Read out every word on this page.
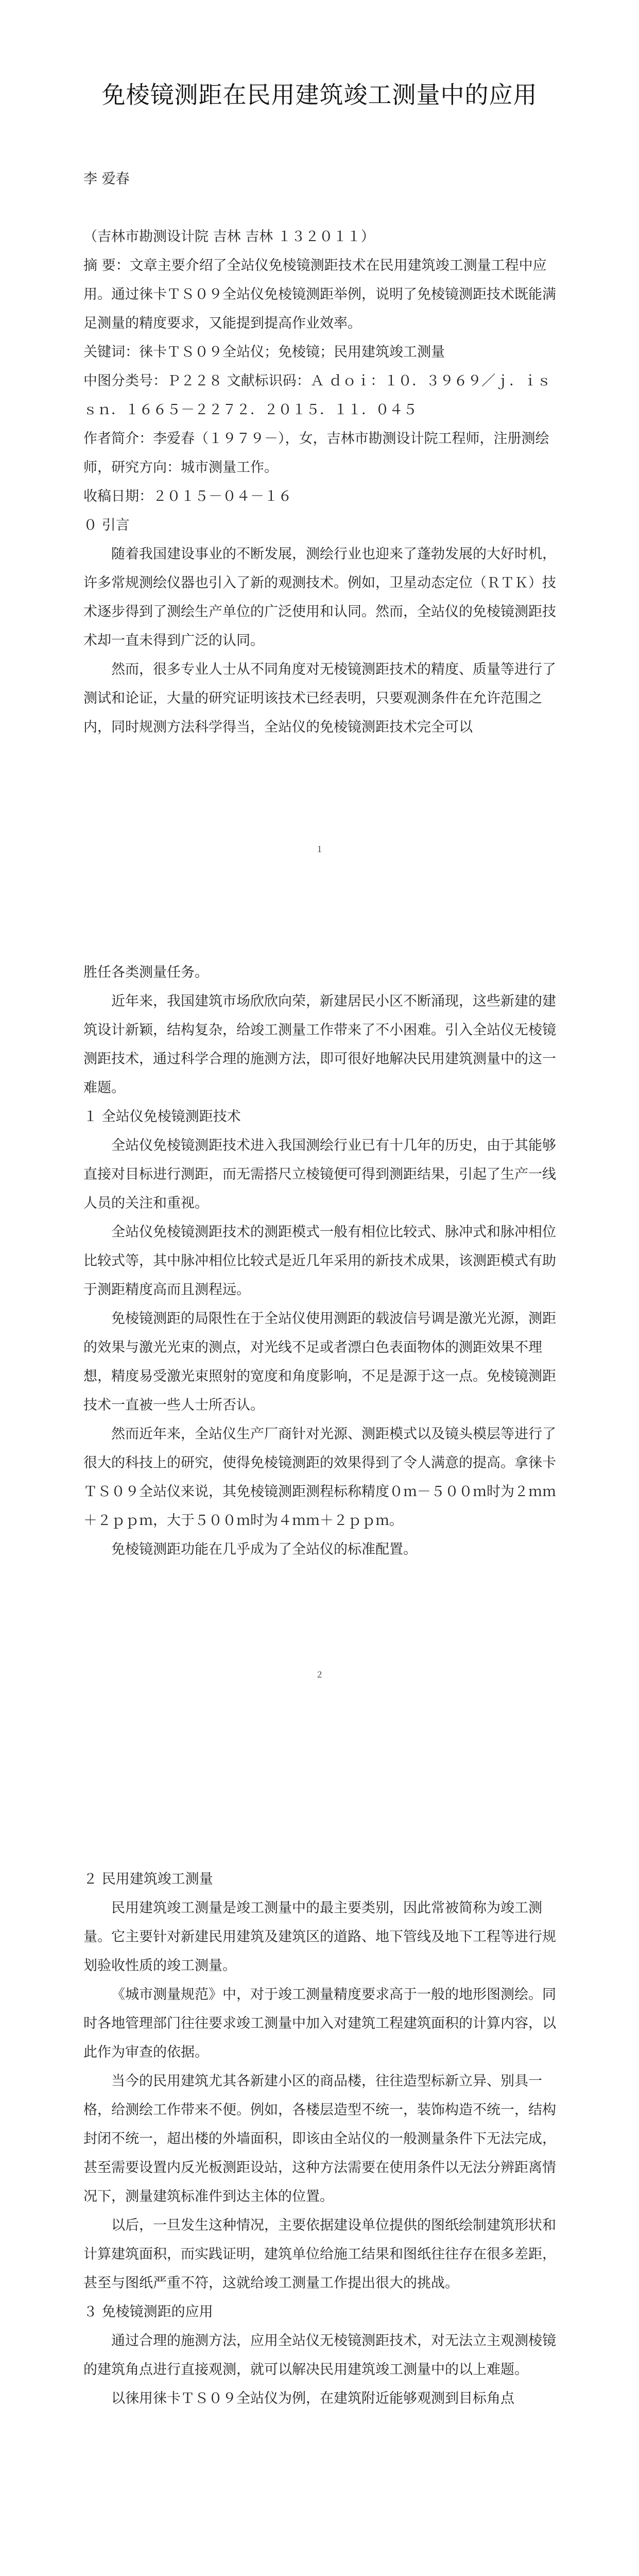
免棱镜测距在民用建筑竣工测量中的应用

李 爱春

（吉林市勘测设计院 吉林 吉林 １３２０１１）

摘 要：文章主要介绍了全站仪免棱镜测距技术在民用建筑竣工测量工程中应用。通过徕卡ＴＳ０９全站仪免棱镜测距举例，说明了免棱镜测距技术既能满足测量的精度要求，又能提到提高作业效率。

关键词：徕卡ＴＳ０９全站仪；免棱镜；民用建筑竣工测量

中图分类号：Ｐ２２８ 文献标识码：Ａ ｄｏｉ：１０．３９６９／ｊ．ｉｓｓｎ．１６６５－２２７２．２０１５．１１．０４５

作者简介：李爱春（１９７９－），女，吉林市勘测设计院工程师，注册测绘师，研究方向：城市测量工作。

收稿日期：２０１５－０４－１６

０ 引言

随着我国建设事业的不断发展，测绘行业也迎来了蓬勃发展的大好时机，许多常规测绘仪器也引入了新的观测技术。例如，卫星动态定位（ＲＴＫ）技术逐步得到了测绘生产单位的广泛使用和认同。然而，全站仪的免棱镜测距技术却一直未得到广泛的认同。

然而，很多专业人士从不同角度对无棱镜测距技术的精度、质量等进行了测试和论证，大量的研究证明该技术已经表明，只要观测条件在允许范围之内，同时规测方法科学得当，全站仪的免棱镜测距技术完全可以

１

胜任各类测量任务。

近年来，我国建筑市场欣欣向荣，新建居民小区不断涌现，这些新建的建筑设计新颖，结构复杂，给竣工测量工作带来了不小困难。引入全站仪无棱镜测距技术，通过科学合理的施测方法，即可很好地解决民用建筑测量中的这一难题。

１ 全站仪免棱镜测距技术

全站仪免棱镜测距技术进入我国测绘行业已有十几年的历史，由于其能够直接对目标进行测距，而无需搭尺立棱镜便可得到测距结果，引起了生产一线人员的关注和重视。

全站仪免棱镜测距技术的测距模式一般有相位比较式、脉冲式和脉冲相位比较式等，其中脉冲相位比较式是近几年采用的新技术成果，该测距模式有助于测距精度高而且测程远。

免棱镜测距的局限性在于全站仪使用测距的载波信号调是激光光源，测距的效果与激光光束的测点，对光线不足或者漂白色表面物体的测距效果不理想，精度易受激光束照射的宽度和角度影响，不足是源于这一点。免棱镜测距技术一直被一些人士所否认。

然而近年来，全站仪生产厂商针对光源、测距模式以及镜头模层等进行了很大的科技上的研究，使得免棱镜测距的效果得到了令人满意的提高。拿徕卡ＴＳ０９全站仪来说，其免棱镜测距测程标称精度０ｍ－５００ｍ时为２ｍｍ＋２ｐｐｍ，大于５００ｍ时为４ｍｍ＋２ｐｐｍ。

免棱镜测距功能在几乎成为了全站仪的标准配置。

２

２ 民用建筑竣工测量

民用建筑竣工测量是竣工测量中的最主要类别，因此常被简称为竣工测量。它主要针对新建民用建筑及建筑区的道路、地下管线及地下工程等进行规划验收性质的竣工测量。

《城市测量规范》中，对于竣工测量精度要求高于一般的地形图测绘。同时各地管理部门往往要求竣工测量中加入对建筑工程建筑面积的计算内容，以此作为审查的依据。

当今的民用建筑尤其各新建小区的商品楼，往往造型标新立异、别具一格，给测绘工作带来不便。例如，各楼层造型不统一，装饰构造不统一，结构封闭不统一，超出楼的外墙面积，即该由全站仪的一般测量条件下无法完成，甚至需要设置内反光板测距设站，这种方法需要在使用条件以无法分辨距离情况下，测量建筑标准件到达主体的位置。

以后，一旦发生这种情况，主要依据建设单位提供的图纸绘制建筑形状和计算建筑面积，而实践证明，建筑单位给施工结果和图纸往往存在很多差距，甚至与图纸严重不符，这就给竣工测量工作提出很大的挑战。

３ 免棱镜测距的应用

通过合理的施测方法，应用全站仪无棱镜测距技术，对无法立主观测棱镜的建筑角点进行直接观测，就可以解决民用建筑竣工测量中的以上难题。

以徕用徕卡ＴＳ０９全站仪为例，在建筑附近能够观测到目标角点
